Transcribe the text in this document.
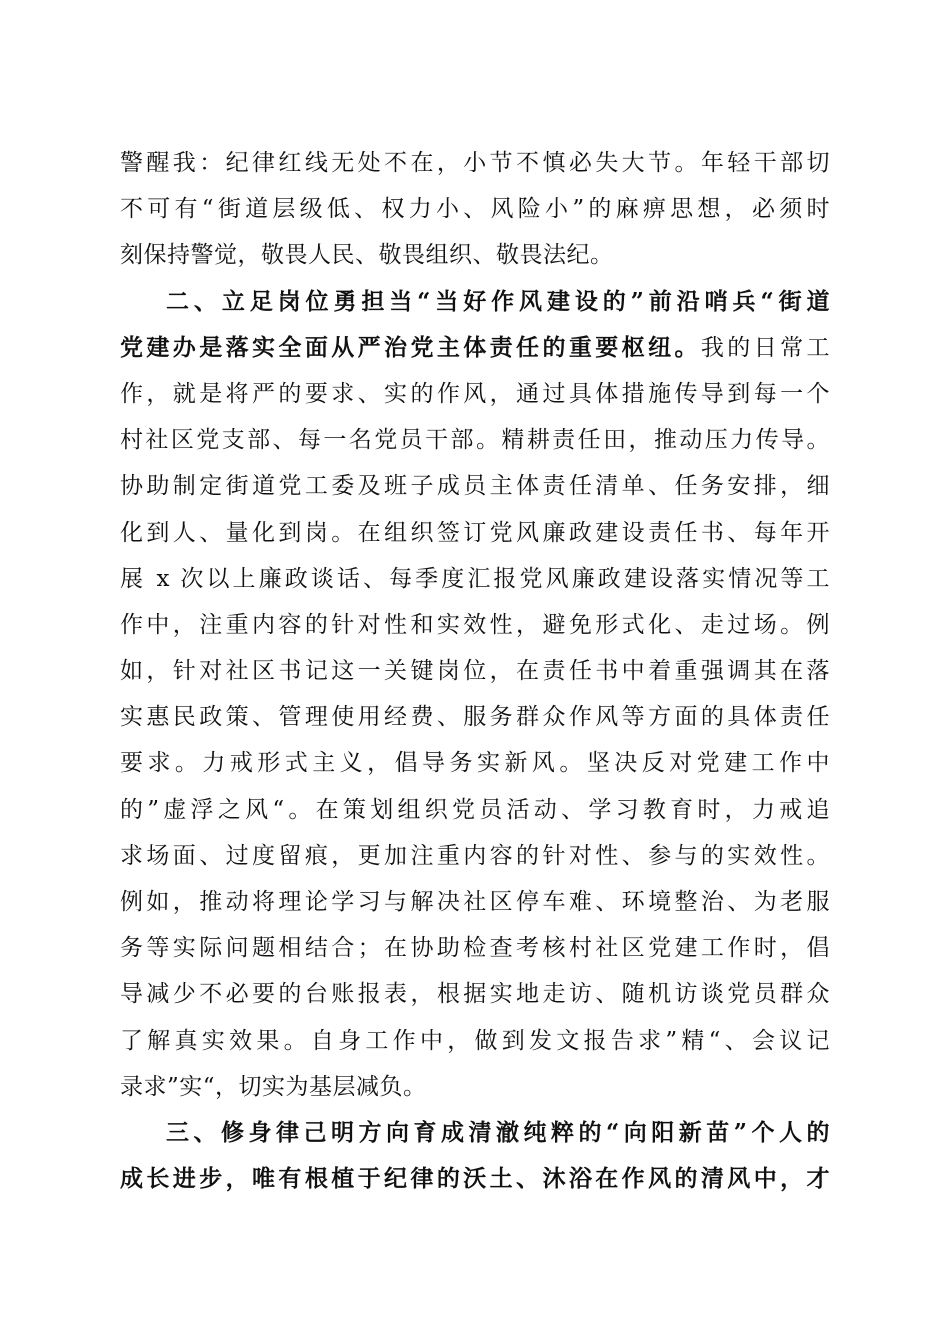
警醒我：纪律红线无处不在，小节不慎必失大节。年轻干部切
不可有“街道层级低、权力小、风险小”的麻痹思想，必须时
刻保持警觉，敬畏人民、敬畏组织、敬畏法纪。
二、立足岗位勇担当“当好作风建设的”前沿哨兵“街道
党建办是落实全面从严治党主体责任的重要枢纽。我的日常工
作，就是将严的要求、实的作风，通过具体措施传导到每一个
村社区党支部、每一名党员干部。精耕责任田，推动压力传导。
协助制定街道党工委及班子成员主体责任清单、任务安排，细
化到人、量化到岗。在组织签订党风廉政建设责任书、每年开
展 x 次以上廉政谈话、每季度汇报党风廉政建设落实情况等工
作中，注重内容的针对性和实效性，避免形式化、走过场。例
如，针对社区书记这一关键岗位，在责任书中着重强调其在落
实惠民政策、管理使用经费、服务群众作风等方面的具体责任
要求。力戒形式主义，倡导务实新风。坚决反对党建工作中
的”虚浮之风“。在策划组织党员活动、学习教育时，力戒追
求场面、过度留痕，更加注重内容的针对性、参与的实效性。
例如，推动将理论学习与解决社区停车难、环境整治、为老服
务等实际问题相结合；在协助检查考核村社区党建工作时，倡
导减少不必要的台账报表，根据实地走访、随机访谈党员群众
了解真实效果。自身工作中，做到发文报告求”精“、会议记
录求”实“，切实为基层减负。
三、修身律己明方向育成清澈纯粹的“向阳新苗”个人的
成长进步，唯有根植于纪律的沃土、沐浴在作风的清风中，才
